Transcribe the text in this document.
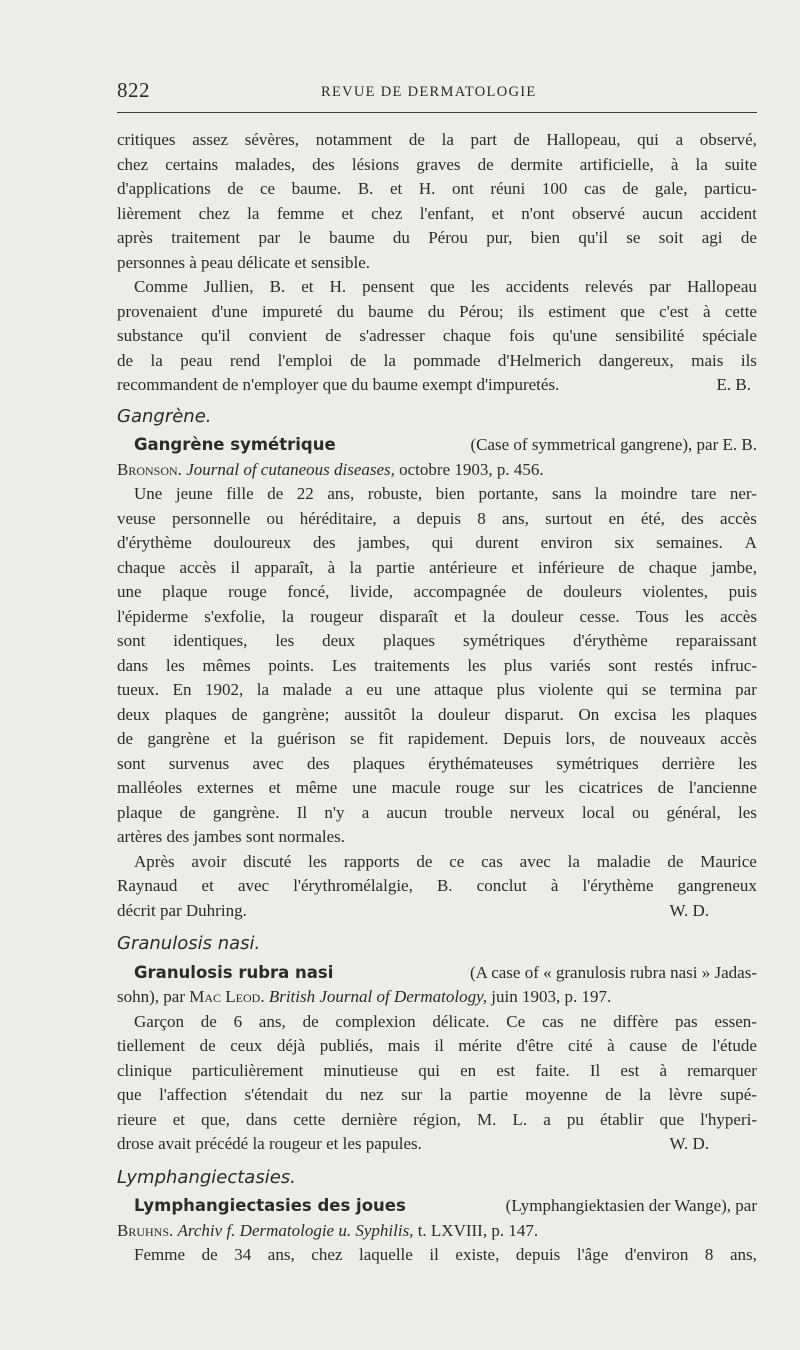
822	REVUE DE DERMATOLOGIE
critiques assez sévères, notamment de la part de Hallopeau, qui a observé,
chez certains malades, des lésions graves de dermite artificielle, à la suite
d'applications de ce baume. B. et H. ont réuni 100 cas de gale, particu-
lièrement chez la femme et chez l'enfant, et n'ont observé aucun accident
après traitement par le baume du Pérou pur, bien qu'il se soit agi de
personnes à peau délicate et sensible.
Comme Jullien, B. et H. pensent que les accidents relevés par Hallopeau
provenaient d'une impureté du baume du Pérou; ils estiment que c'est à cette
substance qu'il convient de s'adresser chaque fois qu'une sensibilité spéciale
de la peau rend l'emploi de la pommade d'Helmerich dangereux, mais ils
recommandent de n'employer que du baume exempt d'impuretés.	E. B.
Gangrène.
Gangrène symétrique	(Case of symmetrical gangrene), par E. B.
Bronson.
Journal of cutaneous diseases,
octobre 1903, p. 456.
Une jeune fille de 22 ans, robuste, bien portante, sans la moindre tare ner-
veuse personnelle ou héréditaire, a depuis 8 ans, surtout en été, des accès
d'érythème douloureux des jambes, qui durent environ six semaines. A
chaque accès il apparaît, à la partie antérieure et inférieure de chaque jambe,
une plaque rouge foncé, livide, accompagnée de douleurs violentes, puis
l'épiderme s'exfolie, la rougeur disparaît et la douleur cesse. Tous les accès
sont identiques, les deux plaques symétriques d'érythème reparaissant
dans les mêmes points. Les traitements les plus variés sont restés infruc-
tueux. En 1902, la malade a eu une attaque plus violente qui se termina par
deux plaques de gangrène; aussitôt la douleur disparut. On excisa les plaques
de gangrène et la guérison se fit rapidement. Depuis lors, de nouveaux accès
sont survenus avec des plaques érythémateuses symétriques derrière les
malléoles externes et même une macule rouge sur les cicatrices de l'ancienne
plaque de gangrène. Il n'y a aucun trouble nerveux local ou général, les
artères des jambes sont normales.
Après avoir discuté les rapports de ce cas avec la maladie de Maurice
Raynaud et avec l'érythromélalgie, B. conclut à l'érythème gangreneux
décrit par Duhring.	W. D.
Granulosis nasi.
Granulosis rubra nasi	(A case of « granulosis rubra nasi » Jadas-
sohn), par
Mac Leod.
British Journal of Dermatology,
juin 1903, p. 197.
Garçon de 6 ans, de complexion délicate. Ce cas ne diffère pas essen-
tiellement de ceux déjà publiés, mais il mérite d'être cité à cause de l'étude
clinique particulièrement minutieuse qui en est faite. Il est à remarquer
que l'affection s'étendait du nez sur la partie moyenne de la lèvre supé-
rieure et que, dans cette dernière région, M. L. a pu établir que l'hyperi-
drose avait précédé la rougeur et les papules.	W. D.
Lymphangiectasies.
Lymphangiectasies des joues	(Lymphangiektasien der Wange), par
Bruhns.
Archiv f. Dermatologie u. Syphilis,
t. LXVIII, p. 147.
Femme de 34 ans, chez laquelle il existe, depuis l'âge d'environ 8 ans,
